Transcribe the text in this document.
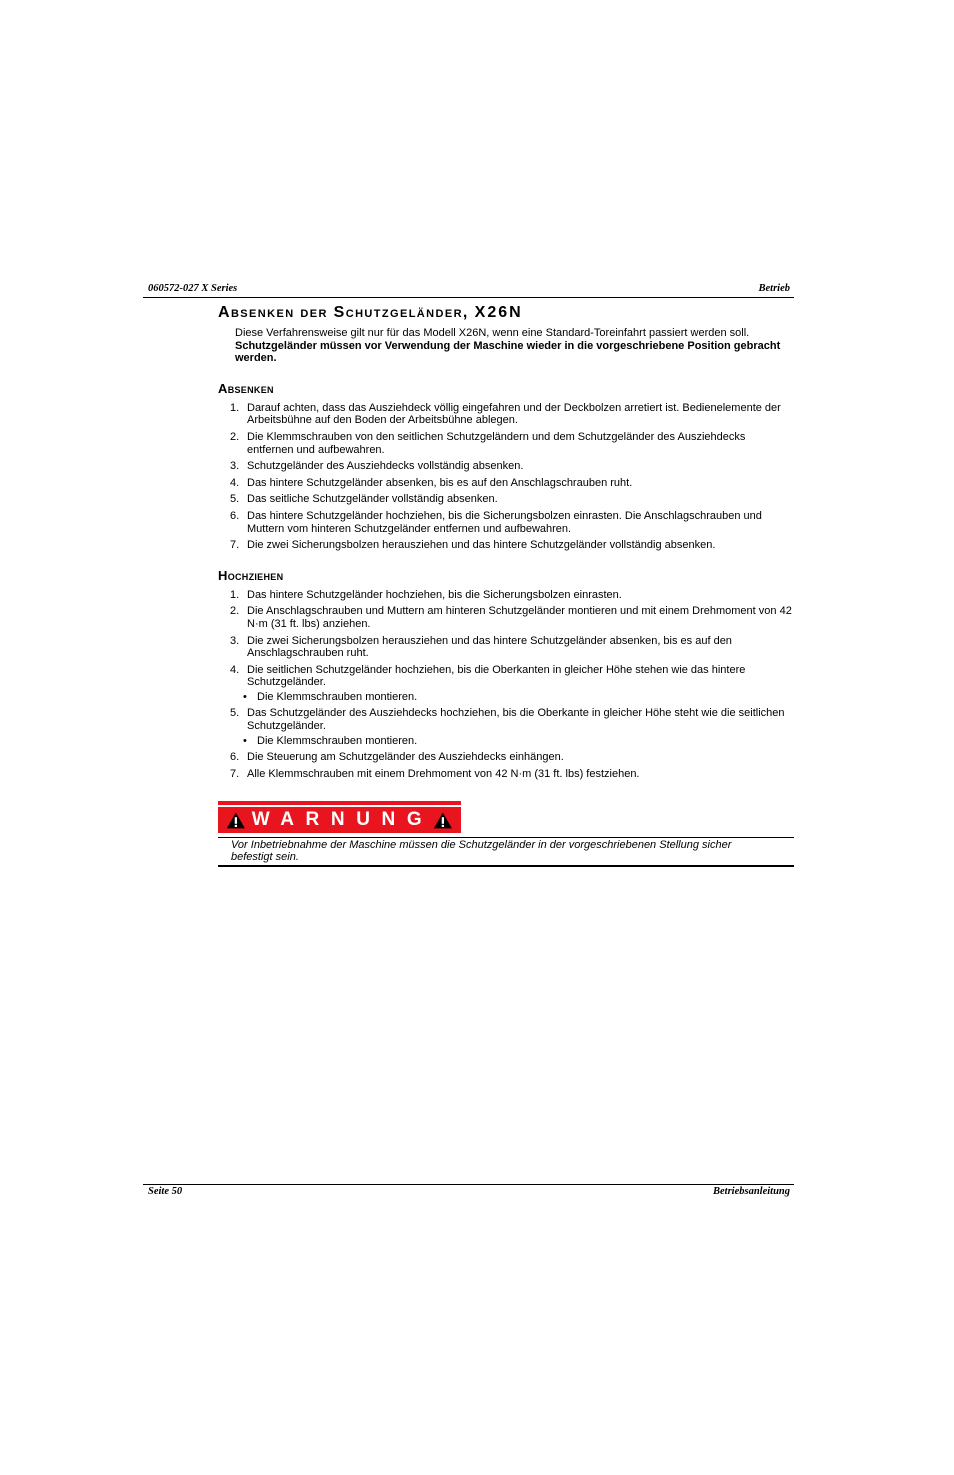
060572-027 X Series	Betrieb
Absenken der Schutzgeländer, X26N

Diese Verfahrensweise gilt nur für das Modell X26N, wenn eine Standard-Toreinfahrt passiert werden soll.

Schutzgeländer müssen vor Verwendung der Maschine wieder in die vorgeschriebene Position gebracht werden.

Absenken
1. Darauf achten, dass das Ausziehdeck völlig eingefahren und der Deckbolzen arretiert ist. Bedienelemente der Arbeitsbühne auf den Boden der Arbeitsbühne ablegen.
2. Die Klemmschrauben von den seitlichen Schutzgeländern und dem Schutzgeländer des Ausziehdecks entfernen und aufbewahren.
3. Schutzgeländer des Ausziehdecks vollständig absenken.
4. Das hintere Schutzgeländer absenken, bis es auf den Anschlagschrauben ruht.
5. Das seitliche Schutzgeländer vollständig absenken.
6. Das hintere Schutzgeländer hochziehen, bis die Sicherungsbolzen einrasten. Die Anschlagschrauben und Muttern vom hinteren Schutzgeländer entfernen und aufbewahren.
7. Die zwei Sicherungsbolzen herausziehen und das hintere Schutzgeländer vollständig absenken.
Hochziehen
1. Das hintere Schutzgeländer hochziehen, bis die Sicherungsbolzen einrasten.
2. Die Anschlagschrauben und Muttern am hinteren Schutzgeländer montieren und mit einem Drehmoment von 42 N·m (31 ft. lbs) anziehen.
3. Die zwei Sicherungsbolzen herausziehen und das hintere Schutzgeländer absenken, bis es auf den Anschlagschrauben ruht.
4. Die seitlichen Schutzgeländer hochziehen, bis die Oberkanten in gleicher Höhe stehen wie das hintere Schutzgeländer.
• Die Klemmschrauben montieren.
5. Das Schutzgeländer des Ausziehdecks hochziehen, bis die Oberkante in gleicher Höhe steht wie die seitlichen Schutzgeländer.
• Die Klemmschrauben montieren.
6. Die Steuerung am Schutzgeländer des Ausziehdecks einhängen.
7. Alle Klemmschrauben mit einem Drehmoment von 42 N·m (31 ft. lbs) festziehen.
WARNUNG
Vor Inbetriebnahme der Maschine müssen die Schutzgeländer in der vorgeschriebenen Stellung sicher befestigt sein.
Seite 50	Betriebsanleitung
